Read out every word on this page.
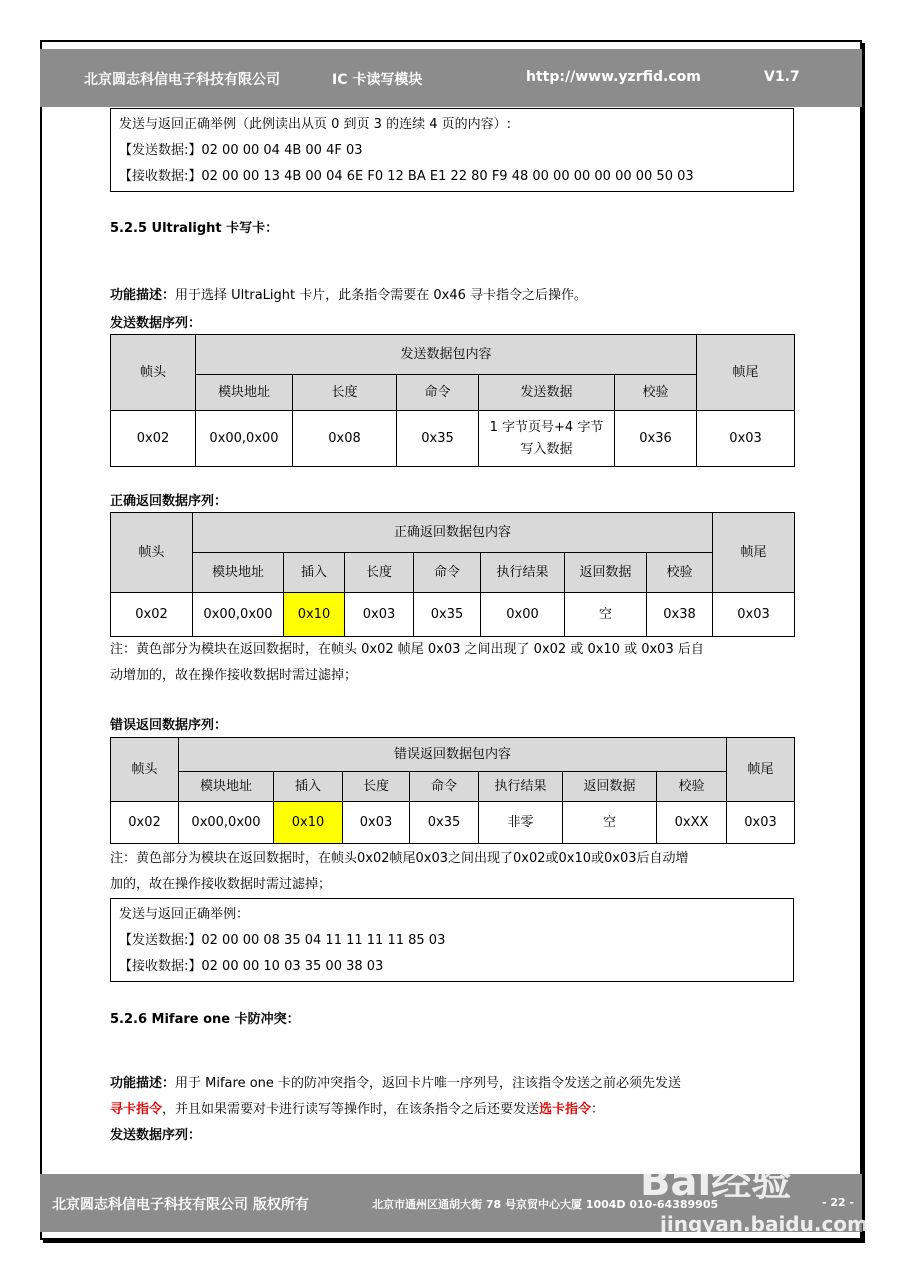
北京圆志科信电子科技有限公司	IC 卡读写模块	http://www.yzrfid.com	V1.7
发送与返回正确举例（此例读出从页 0 到页 3 的连续 4 页的内容）:
【发送数据:】02 00 00 04 4B 00 4F 03
【接收数据:】02 00 00 13 4B 00 04 6E F0 12 BA E1 22 80 F9 48 00 00 00 00 00 00 50 03
5.2.5 Ultralight 卡写卡：
功能描述：用于选择 UltraLight 卡片，此条指令需要在 0x46 寻卡指令之后操作。
发送数据序列：
帧头	发送数据包内容					帧尾
	模块地址	长度	命令	发送数据	校验	
0x02	0x00,0x00	0x08	0x35	1 字节页号+4 字节写入数据	0x36	0x03
正确返回数据序列：
帧头	正确返回数据包内容							帧尾
	模块地址	插入	长度	命令	执行结果	返回数据	校验	
0x02	0x00,0x00	0x10	0x03	0x35	0x00	空	0x38	0x03
注：黄色部分为模块在返回数据时，在帧头 0x02 帧尾 0x03 之间出现了 0x02 或 0x10 或 0x03 后自
动增加的，故在操作接收数据时需过滤掉；
错误返回数据序列：
帧头	错误返回数据包内容							帧尾
	模块地址	插入	长度	命令	执行结果	返回数据	校验	
0x02	0x00,0x00	0x10	0x03	0x35	非零	空	0xXX	0x03
注：黄色部分为模块在返回数据时，在帧头0x02帧尾0x03之间出现了0x02或0x10或0x03后自动增
加的，故在操作接收数据时需过滤掉；
发送与返回正确举例：
【发送数据:】02 00 00 08 35 04 11 11 11 11 85 03
【接收数据:】02 00 00 10 03 35 00 38 03
5.2.6 Mifare one 卡防冲突：
功能描述：用于 Mifare one 卡的防冲突指令，返回卡片唯一序列号，注该指令发送之前必须先发送
寻卡指令，并且如果需要对卡进行读写等操作时，在该条指令之后还要发送选卡指令：
发送数据序列：
北京圆志科信电子科技有限公司 版权所有	北京市通州区通胡大街 78 号京贸中心大厦 1004D 010-64389905	- 22 -
Bai经验
jingyan.baidu.com
